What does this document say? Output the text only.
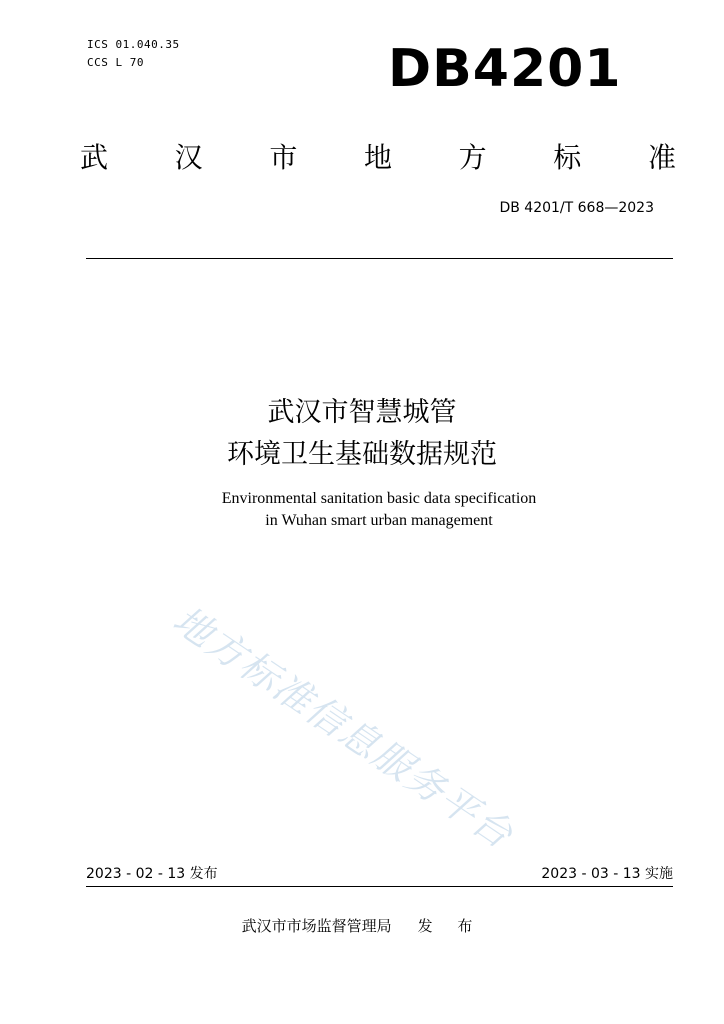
ICS 01.040.35
CCS L 70	DB4201
武 汉 市 地 方 标 准
DB 4201/T 668—2023
武汉市智慧城管
环境卫生基础数据规范
Environmental sanitation basic data specification
in Wuhan smart urban management
地方标准信息服务平台
2023 - 02 - 13 发布	2023 - 03 - 13 实施
武汉市市场监督管理局 发 布
